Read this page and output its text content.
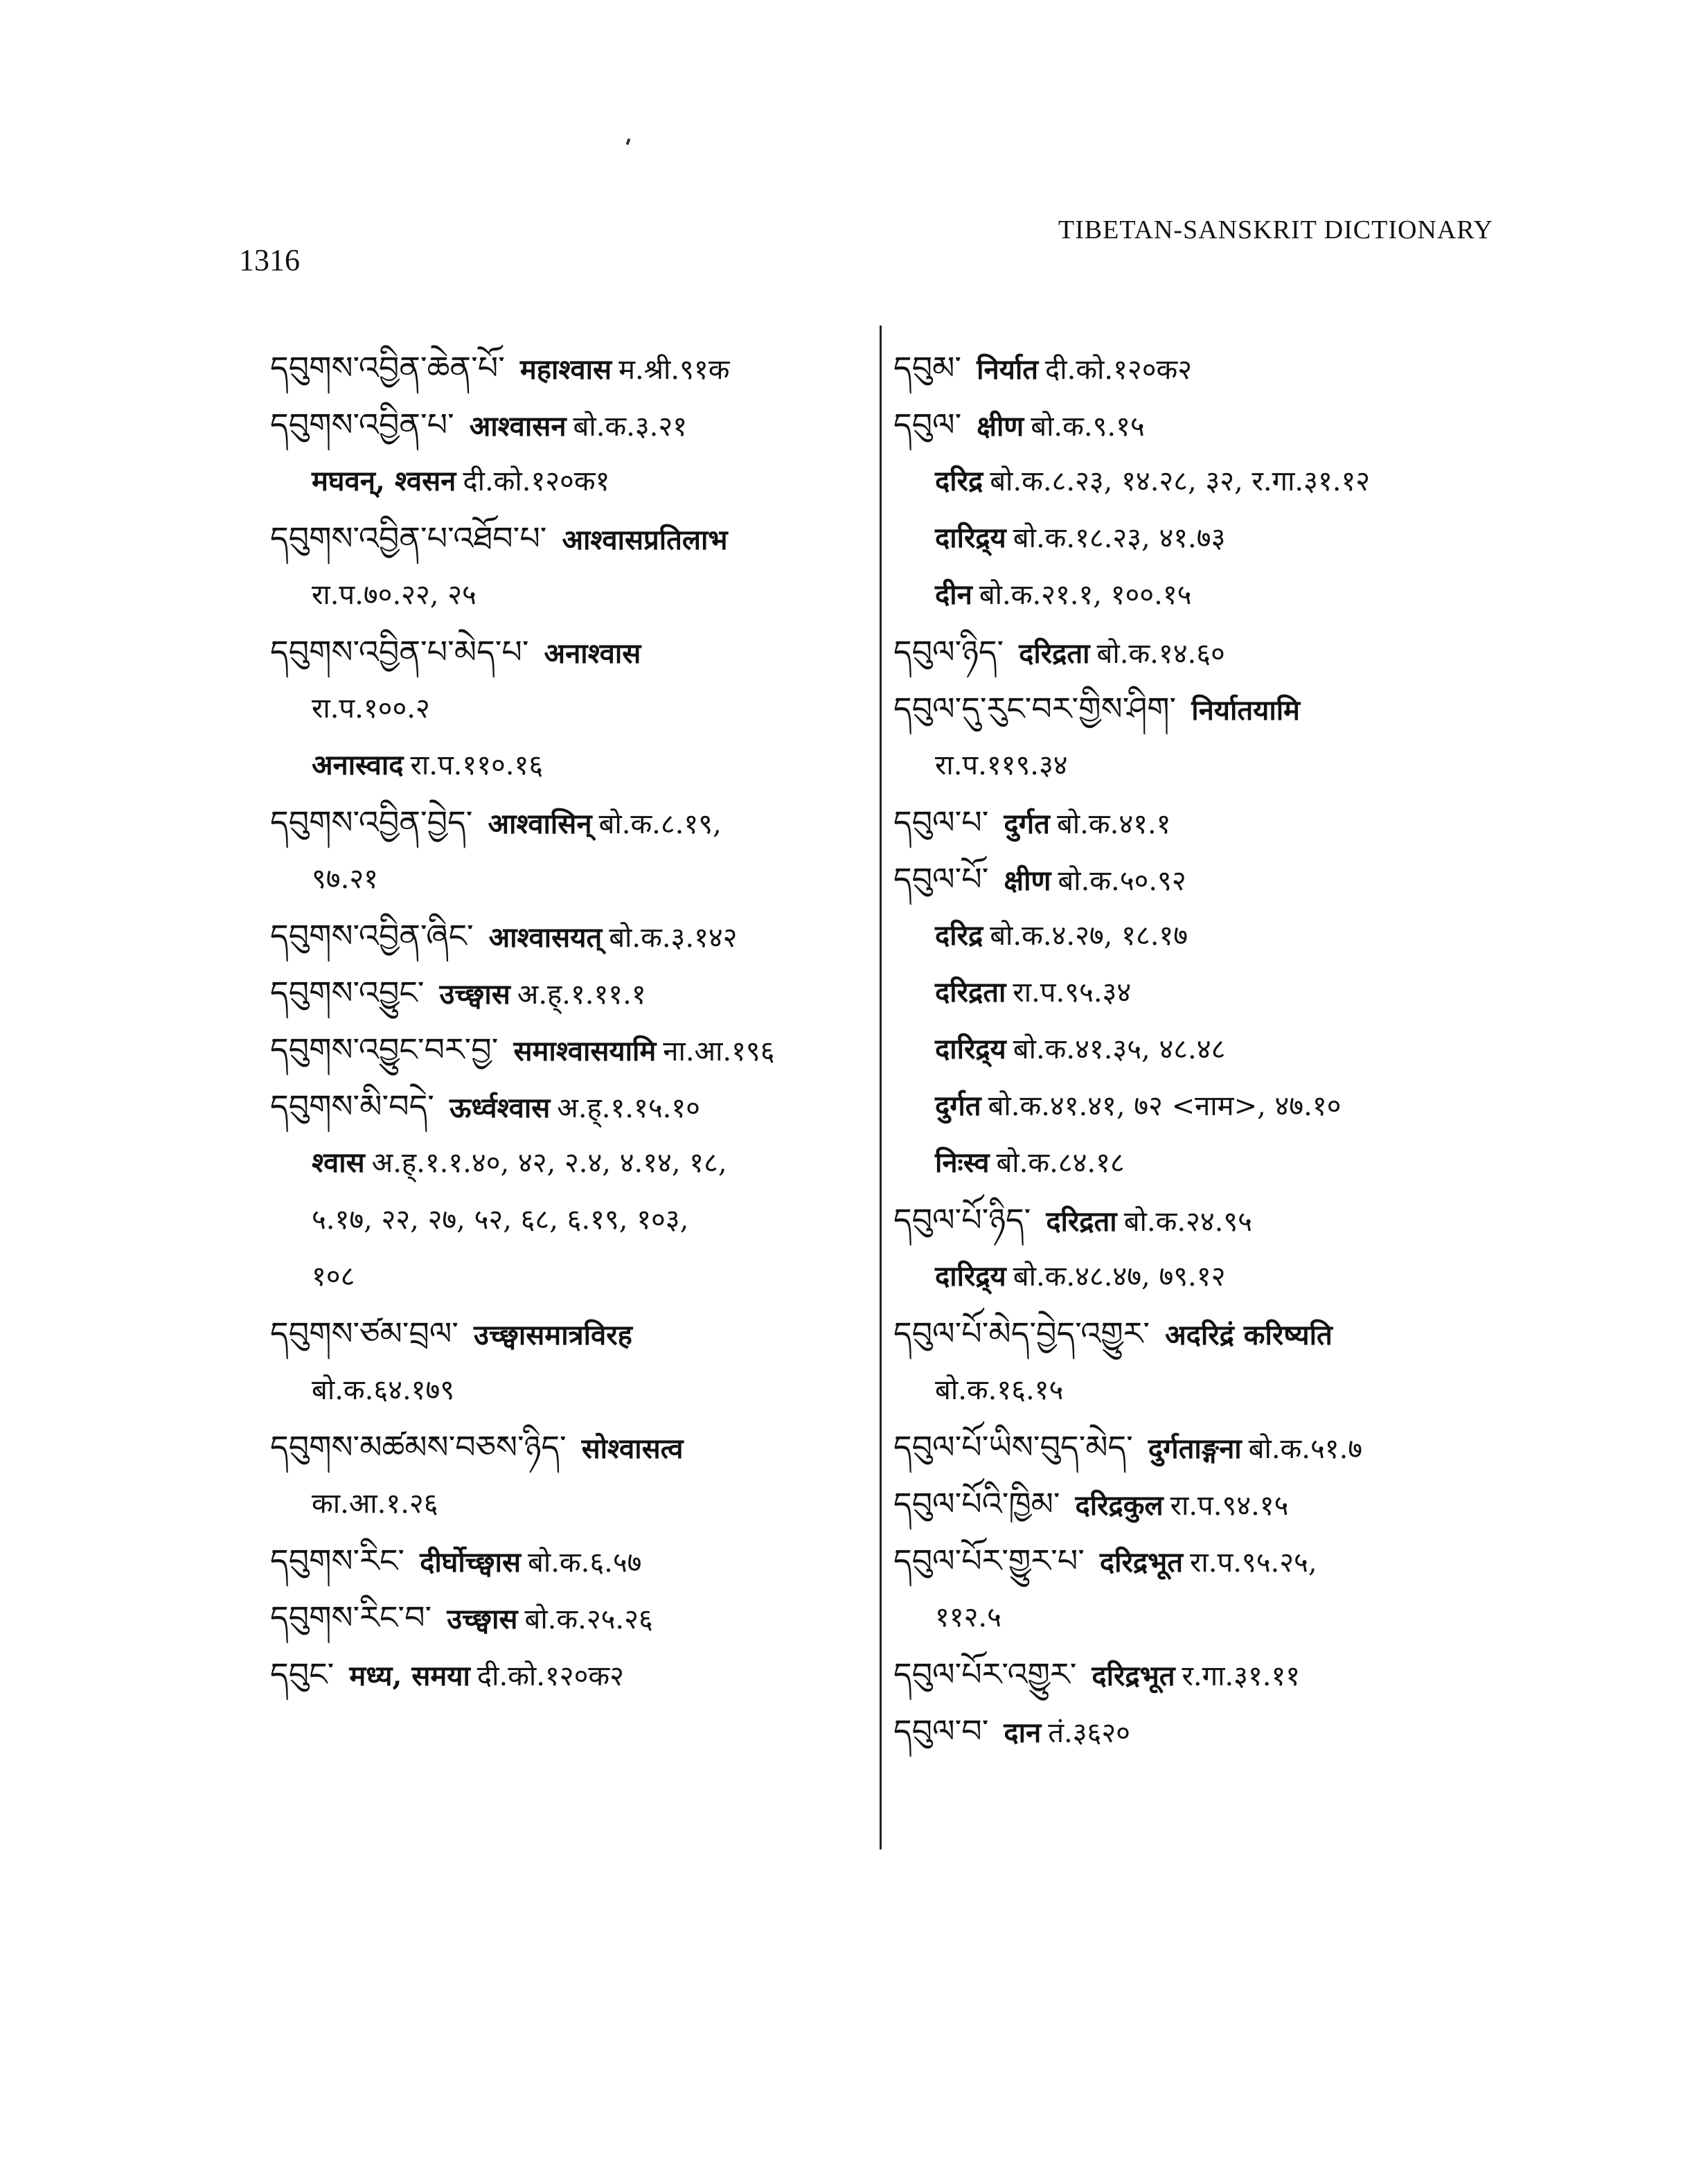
1316
TIBETAN-SANSKRIT DICTIONARY
དབུགས་འབྱིན་ཆེན་པོ་ महाश्वास म.श्री.९१क
དབུགས་འབྱིན་པ་ आश्वासन बो.क.३.२१
मघवन्, श्वसन दी.को.१२०क१
དབུགས་འབྱིན་པ་འཐོབ་པ་ आश्वासप्रतिलाभ
रा.प.७०.२२, २५
དབུགས་འབྱིན་པ་མེད་པ་ अनाश्वास
रा.प.१००.२
अनास्वाद रा.प.११०.१६
དབུགས་འབྱིན་བྱེད་ आश्वासिन् बो.क.८.१९,
९७.२१
དབུགས་འབྱིན་ཞིང་ आश्वासयत् बो.क.३.१४२
དབུགས་འབྱུང་ उच्छ्वास अ.ह्.१.११.१
དབུགས་འབྱུང་བར་བྱ་ समाश्वासयामि ना.आ.१९६
དབུགས་མི་བདེ་ ऊर्ध्वश्वास अ.ह्.१.१५.१०
श्वास अ.ह्.१.१.४०, ४२, २.४, ४.१४, १८,
५.१७, २२, २७, ५२, ६८, ६.१९, १०३,
१०८
དབུགས་ཙམ་བྲལ་ उच्छ्वासमात्रविरह
बो.क.६४.१७९
དབུགས་མཚམས་བཅས་ཉིད་ सोश्वासत्व
का.आ.१.२६
དབུགས་རིང་ दीर्घोच्छ्वास बो.क.६.५७
དབུགས་རིང་བ་ उच्छ्वास बो.क.२५.२६
དབུང་ मध्य, समया दी.को.१२०क२
དབུམ་ निर्यात दी.को.१२०क२
དབུལ་ क्षीण बो.क.९.१५
दरिद्र बो.क.८.२३, १४.२८, ३२, र.गा.३१.१२
दारिद्र्य बो.क.१८.२३, ४१.७३
दीन बो.क.२१.१, १००.१५
དབུལ་ཉིད་ दरिद्रता बो.क.१४.६०
དབུལ་དུ་རུང་བར་གྱིས་ཤིག་ निर्यातयामि
रा.प.११९.३४
དབུལ་པ་ दुर्गत बो.क.४१.१
དབུལ་པོ་ क्षीण बो.क.५०.९२
दरिद्र बो.क.४.२७, १८.१७
दरिद्रता रा.प.९५.३४
दारिद्र्य बो.क.४१.३५, ४८.४८
दुर्गत बो.क.४१.४१, ७२ <नाम>, ४७.१०
निःस्व बो.क.८४.१८
དབུལ་པོ་ཉིད་ दरिद्रता बो.क.२४.९५
दारिद्र्य बो.क.४८.४७, ७९.१२
དབུལ་པོ་མེད་བྱེད་འགྱུར་ अदरिद्रं करिष्यति
बो.क.१६.१५
དབུལ་པོ་ཡིས་བུད་མེད་ दुर्गताङ्गना बो.क.५१.७
དབུལ་པོའི་ཁྱིམ་ दरिद्रकुल रा.प.९४.१५
དབུལ་པོར་གྱུར་པ་ दरिद्रभूत रा.प.९५.२५,
११२.५
དབུལ་པོར་འགྱུར་ दरिद्रभूत र.गा.३१.११
དབུལ་བ་ दान तं.३६२०
